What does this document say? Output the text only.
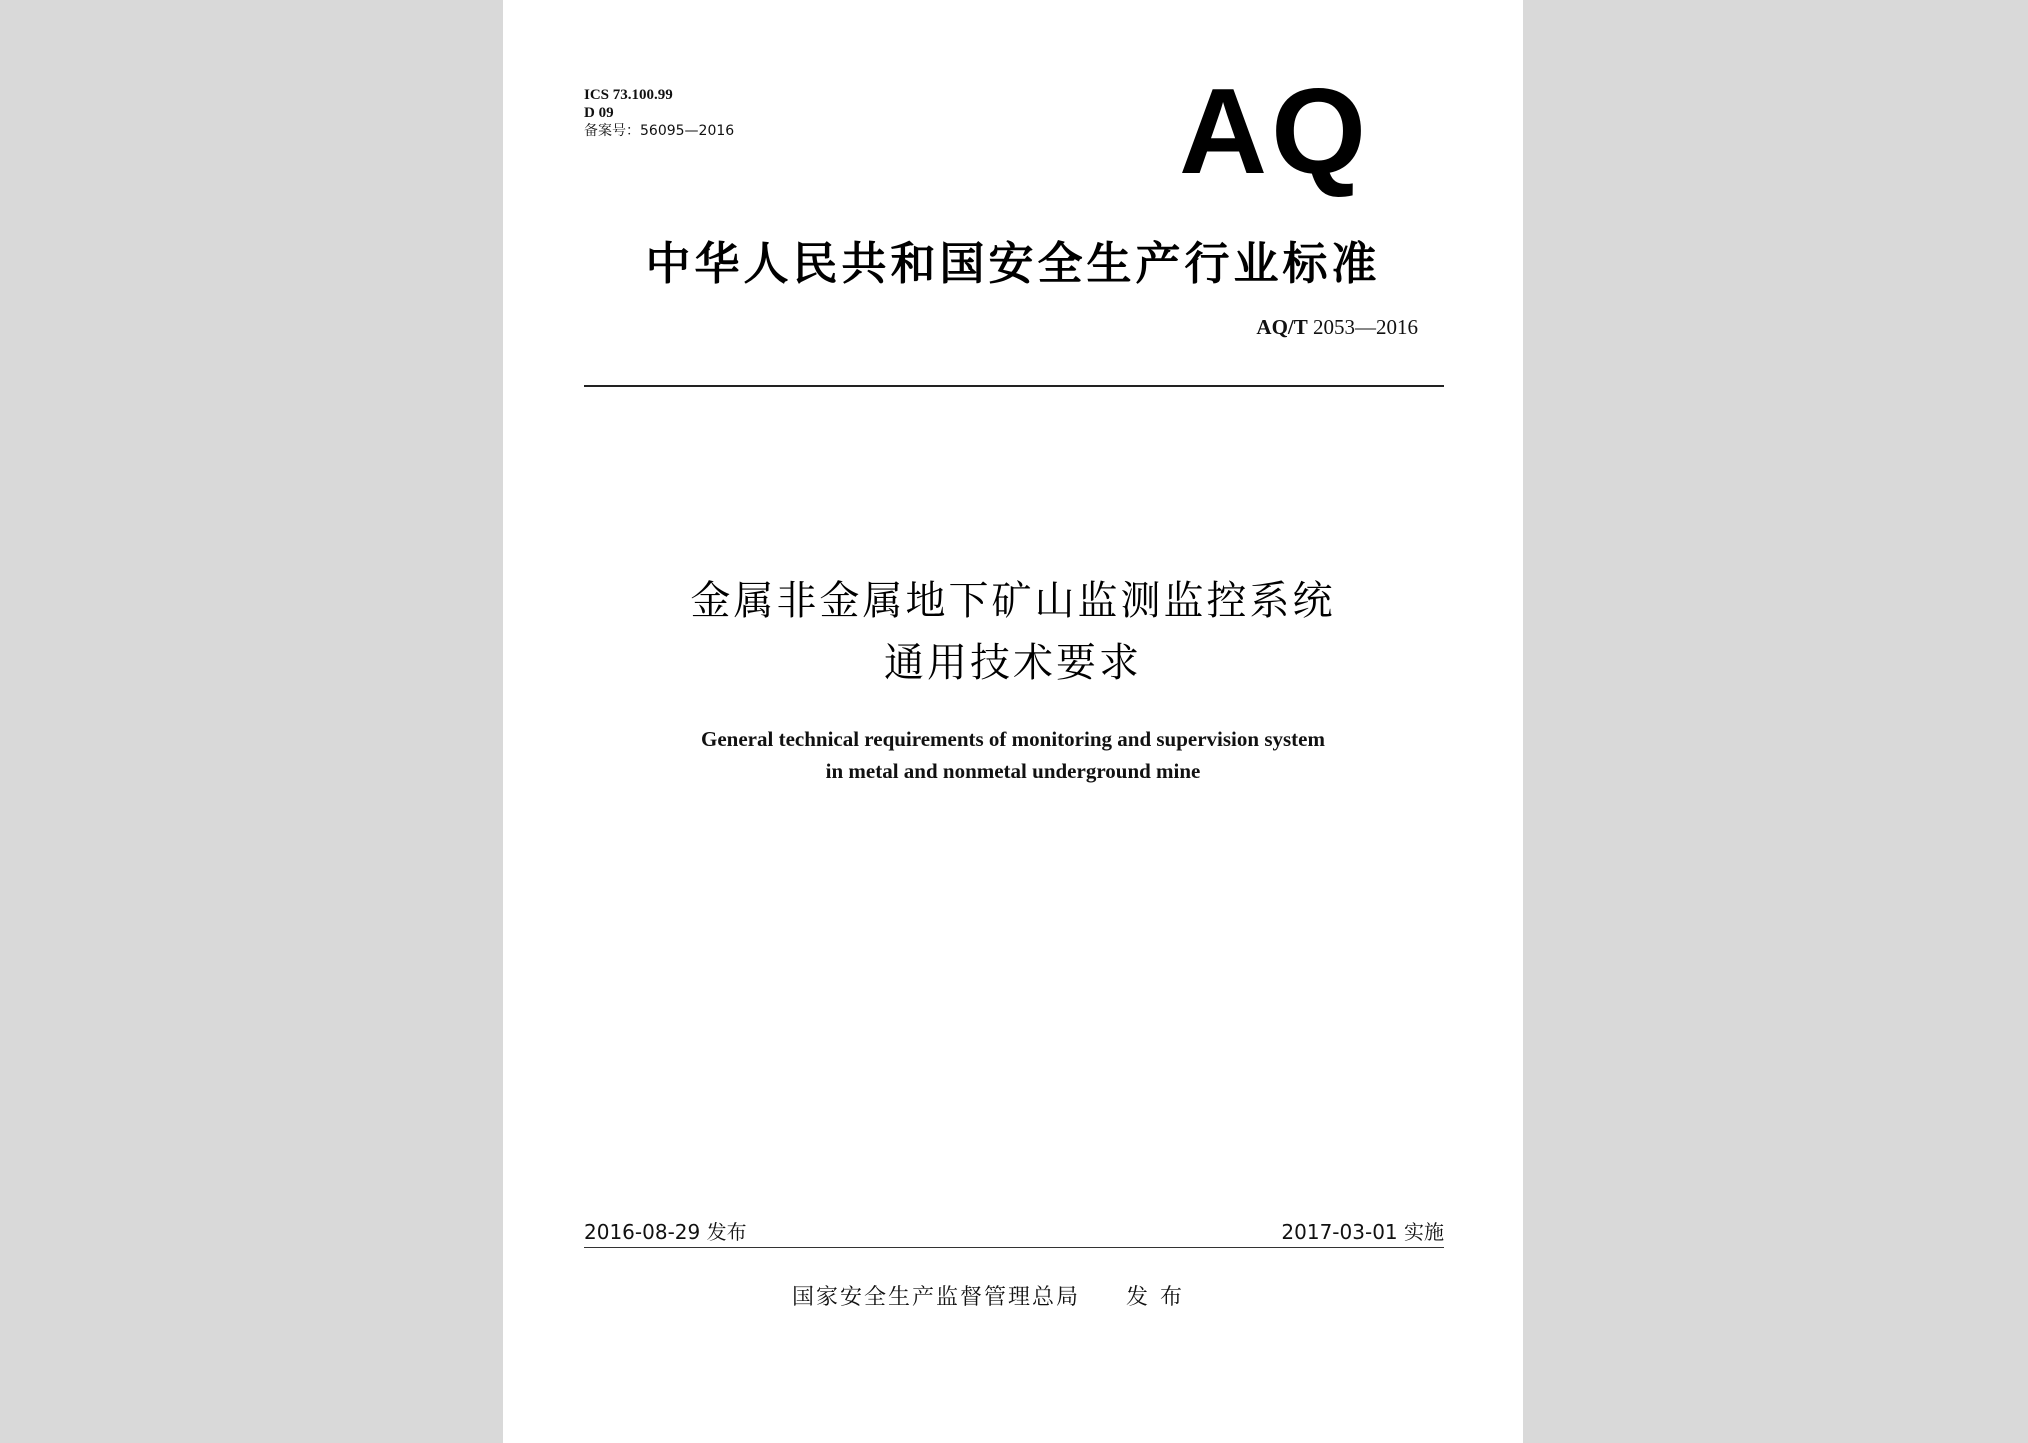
ICS 73.100.99
D 09
备案号：56095—2016	AQ
中华人民共和国安全生产行业标准
AQ/T 2053—2016
金属非金属地下矿山监测监控系统
通用技术要求
General technical requirements of monitoring and supervision system
in metal and nonmetal underground mine
2016-08-29 发布	2017-03-01 实施
国家安全生产监督管理总局 发布
